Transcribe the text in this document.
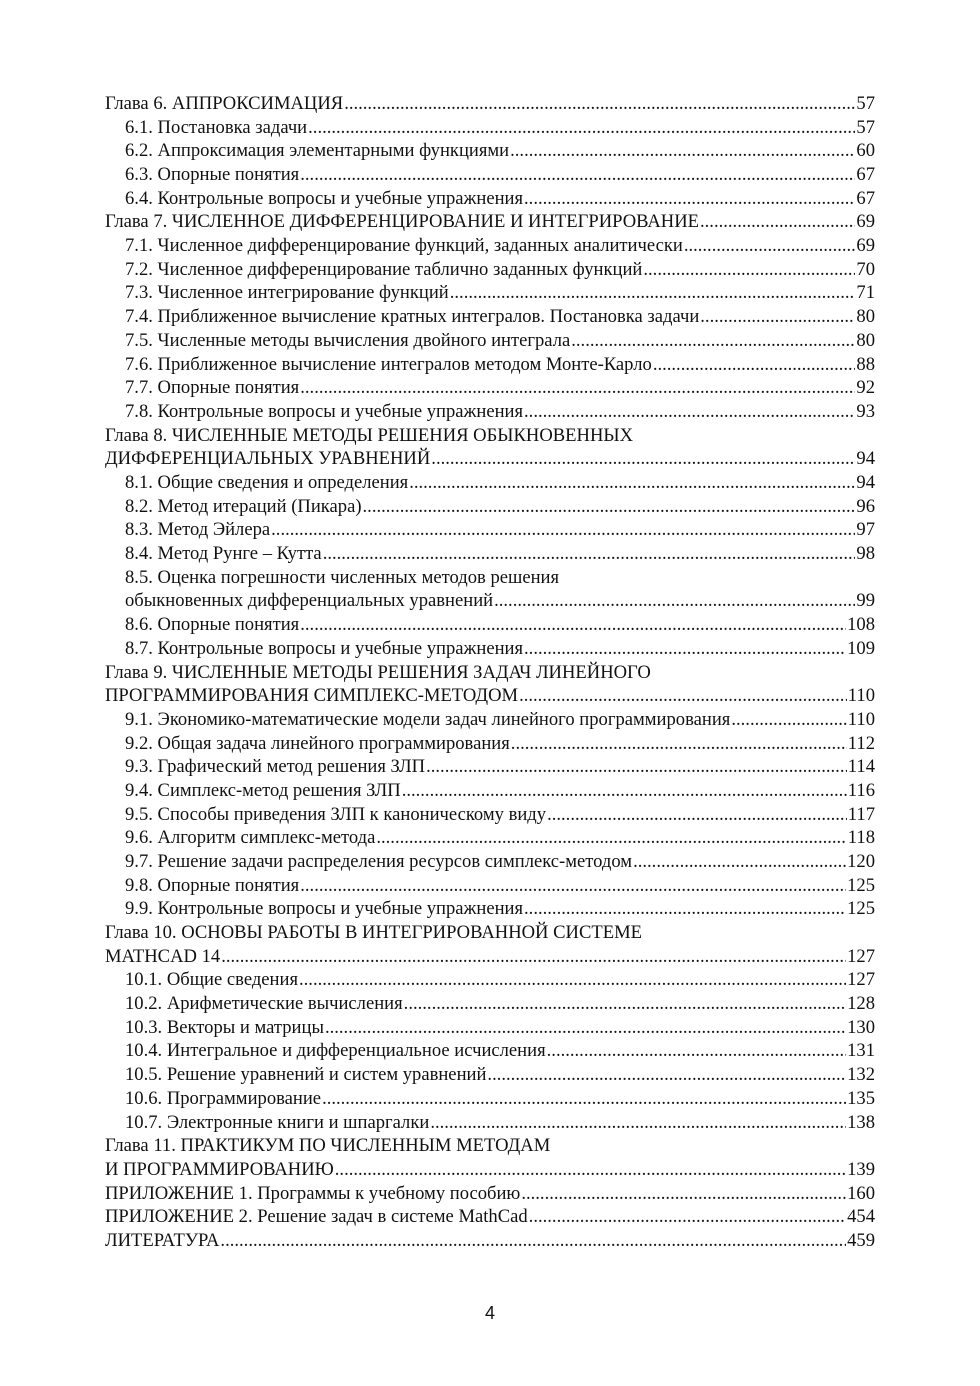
Глава 6. АППРОКСИМАЦИЯ .....	57
6.1. Постановка задачи .....	57
6.2. Аппроксимация элементарными функциями .....	60
6.3. Опорные понятия .....	67
6.4. Контрольные вопросы и учебные упражнения .....	67
Глава 7. ЧИСЛЕННОЕ ДИФФЕРЕНЦИРОВАНИЕ И ИНТЕГРИРОВАНИЕ .....	69
7.1. Численное дифференцирование функций, заданных аналитически .....	69
7.2. Численное дифференцирование таблично заданных функций .....	70
7.3. Численное интегрирование функций .....	71
7.4. Приближенное вычисление кратных интегралов. Постановка задачи .....	80
7.5. Численные методы вычисления двойного интеграла .....	80
7.6. Приближенное вычисление интегралов методом Монте-Карло .....	88
7.7. Опорные понятия .....	92
7.8. Контрольные вопросы и учебные упражнения .....	93
Глава 8. ЧИСЛЕННЫЕ МЕТОДЫ РЕШЕНИЯ ОБЫКНОВЕННЫХ
ДИФФЕРЕНЦИАЛЬНЫХ УРАВНЕНИЙ .....	94
8.1. Общие сведения и определения .....	94
8.2. Метод итераций (Пикара) .....	96
8.3. Метод Эйлера .....	97
8.4. Метод Рунге – Кутта .....	98
8.5. Оценка погрешности численных методов решения
обыкновенных дифференциальных уравнений .....	99
8.6. Опорные понятия .....	108
8.7. Контрольные вопросы и учебные упражнения .....	109
Глава 9. ЧИСЛЕННЫЕ МЕТОДЫ РЕШЕНИЯ ЗАДАЧ ЛИНЕЙНОГО
ПРОГРАММИРОВАНИЯ СИМПЛЕКС-МЕТОДОМ .....	110
9.1. Экономико-математические модели задач линейного программирования .....	110
9.2. Общая задача линейного программирования .....	112
9.3. Графический метод решения ЗЛП .....	114
9.4. Симплекс-метод решения ЗЛП .....	116
9.5. Способы приведения ЗЛП к каноническому виду .....	117
9.6. Алгоритм симплекс-метода .....	118
9.7. Решение задачи распределения ресурсов симплекс-методом .....	120
9.8. Опорные понятия .....	125
9.9. Контрольные вопросы и учебные упражнения .....	125
Глава 10. ОСНОВЫ РАБОТЫ В ИНТЕГРИРОВАННОЙ СИСТЕМЕ
MATHCAD 14 .....	127
10.1. Общие сведения .....	127
10.2. Арифметические вычисления .....	128
10.3. Векторы и матрицы .....	130
10.4. Интегральное и дифференциальное исчисления .....	131
10.5. Решение уравнений и систем уравнений .....	132
10.6. Программирование .....	135
10.7. Электронные книги и шпаргалки .....	138
Глава 11. ПРАКТИКУМ ПО ЧИСЛЕННЫМ МЕТОДАМ
И ПРОГРАММИРОВАНИЮ .....	139
ПРИЛОЖЕНИЕ 1. Программы к учебному пособию .....	160
ПРИЛОЖЕНИЕ 2. Решение задач в системе MathCad .....	454
ЛИТЕРАТУРА .....	459
4
